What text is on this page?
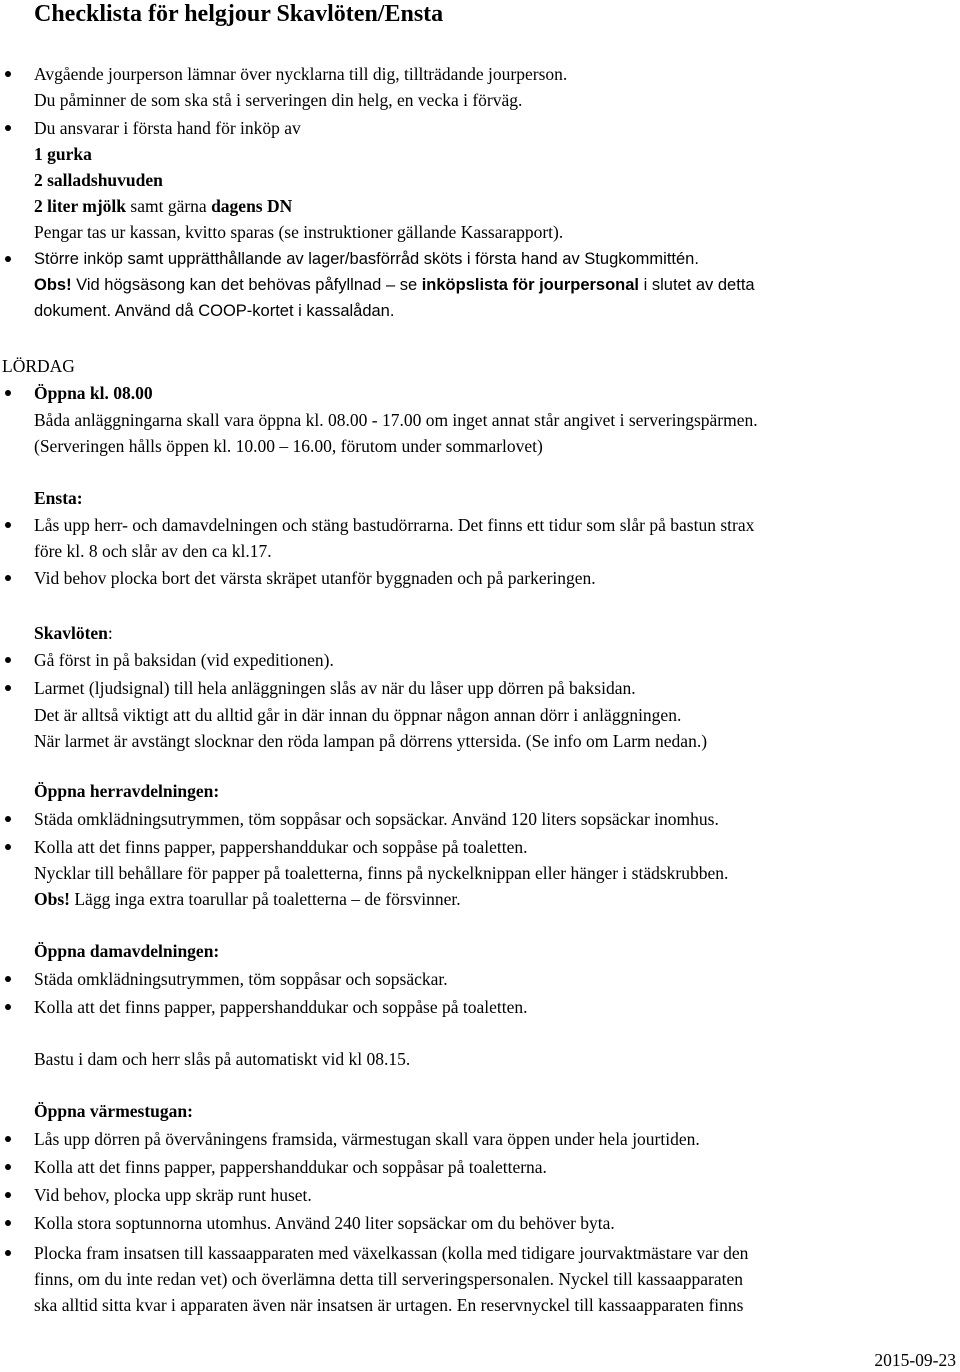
Checklista för helgjour Skavlöten/Ensta
Avgående jourperson lämnar över nycklarna till dig, tillträdande jourperson.
Du påminner de som ska stå i serveringen din helg, en vecka i förväg.
Du ansvarar i första hand för inköp av
1 gurka
2 salladshuvuden
2 liter mjölk samt gärna dagens DN
Pengar tas ur kassan, kvitto sparas (se instruktioner gällande Kassarapport).
Större inköp samt upprätthållande av lager/basförråd sköts i första hand av Stugkommittén.
Obs! Vid högsäsong kan det behövas påfyllnad – se inköpslista för jourpersonal i slutet av detta
dokument. Använd då COOP-kortet i kassalådan.
LÖRDAG
Öppna kl. 08.00
Båda anläggningarna skall vara öppna kl. 08.00 - 17.00 om inget annat står angivet i serveringspärmen.
(Serveringen hålls öppen kl. 10.00 – 16.00, förutom under sommarlovet)
Ensta:
Lås upp herr- och damavdelningen och stäng bastudörrarna. Det finns ett tidur som slår på bastun strax
före kl. 8 och slår av den ca kl.17.
Vid behov plocka bort det värsta skräpet utanför byggnaden och på parkeringen.
Skavlöten:
Gå först in på baksidan (vid expeditionen).
Larmet (ljudsignal) till hela anläggningen slås av när du låser upp dörren på baksidan.
Det är alltså viktigt att du alltid går in där innan du öppnar någon annan dörr i anläggningen.
När larmet är avstängt slocknar den röda lampan på dörrens yttersida. (Se info om Larm nedan.)
Öppna herravdelningen:
Städa omklädningsutrymmen, töm soppåsar och sopsäckar. Använd 120 liters sopsäckar inomhus.
Kolla att det finns papper, pappershanddukar och soppåse på toaletten.
Nycklar till behållare för papper på toaletterna, finns på nyckelknippan eller hänger i städskrubben.
Obs! Lägg inga extra toarullar på toaletterna – de försvinner.
Öppna damavdelningen:
Städa omklädningsutrymmen, töm soppåsar och sopsäckar.
Kolla att det finns papper, pappershanddukar och soppåse på toaletten.
Bastu i dam och herr slås på automatiskt vid kl 08.15.
Öppna värmestugan:
Lås upp dörren på övervåningens framsida, värmestugan skall vara öppen under hela jourtiden.
Kolla att det finns papper, pappershanddukar och soppåsar på toaletterna.
Vid behov, plocka upp skräp runt huset.
Kolla stora soptunnorna utomhus. Använd 240 liter sopsäckar om du behöver byta.
Plocka fram insatsen till kassaapparaten med växelkassan (kolla med tidigare jourvaktmästare var den
finns, om du inte redan vet) och överlämna detta till serveringspersonalen. Nyckel till kassaapparaten
ska alltid sitta kvar i apparaten även när insatsen är urtagen. En reservnyckel till kassaapparaten finns
2015-09-23
